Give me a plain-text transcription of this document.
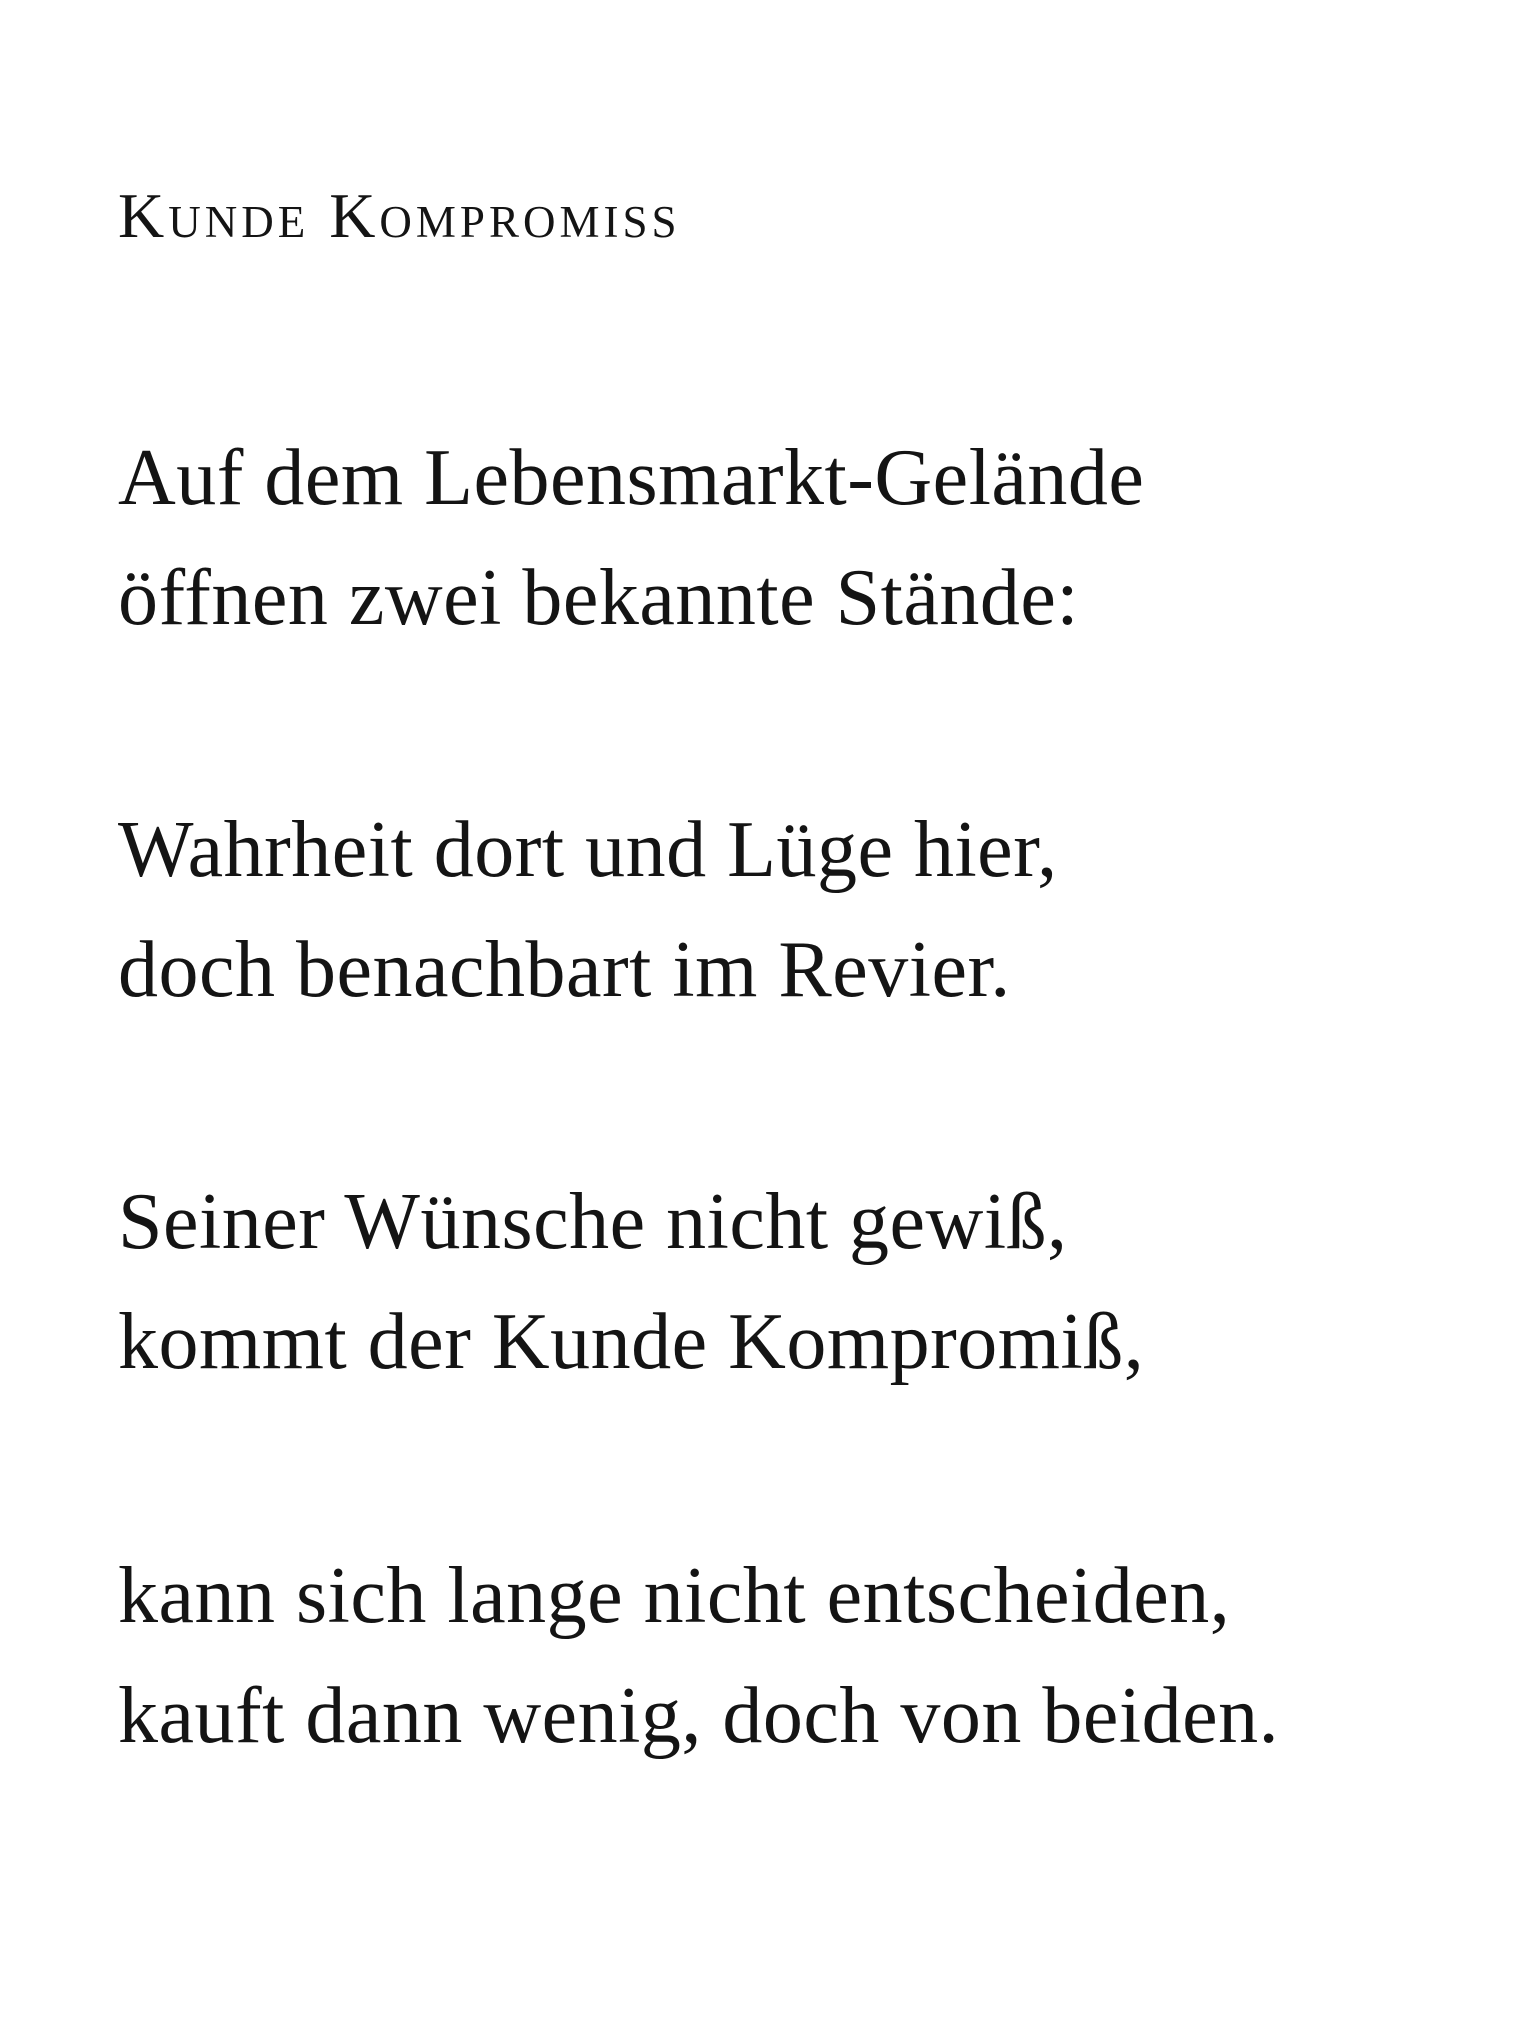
Kunde Kompromiss
Auf dem Lebensmarkt-Gelände
öffnen zwei bekannte Stände:
Wahrheit dort und Lüge hier,
doch benachbart im Revier.
Seiner Wünsche nicht gewiß,
kommt der Kunde Kompromiß,
kann sich lange nicht entscheiden,
kauft dann wenig, doch von beiden.
